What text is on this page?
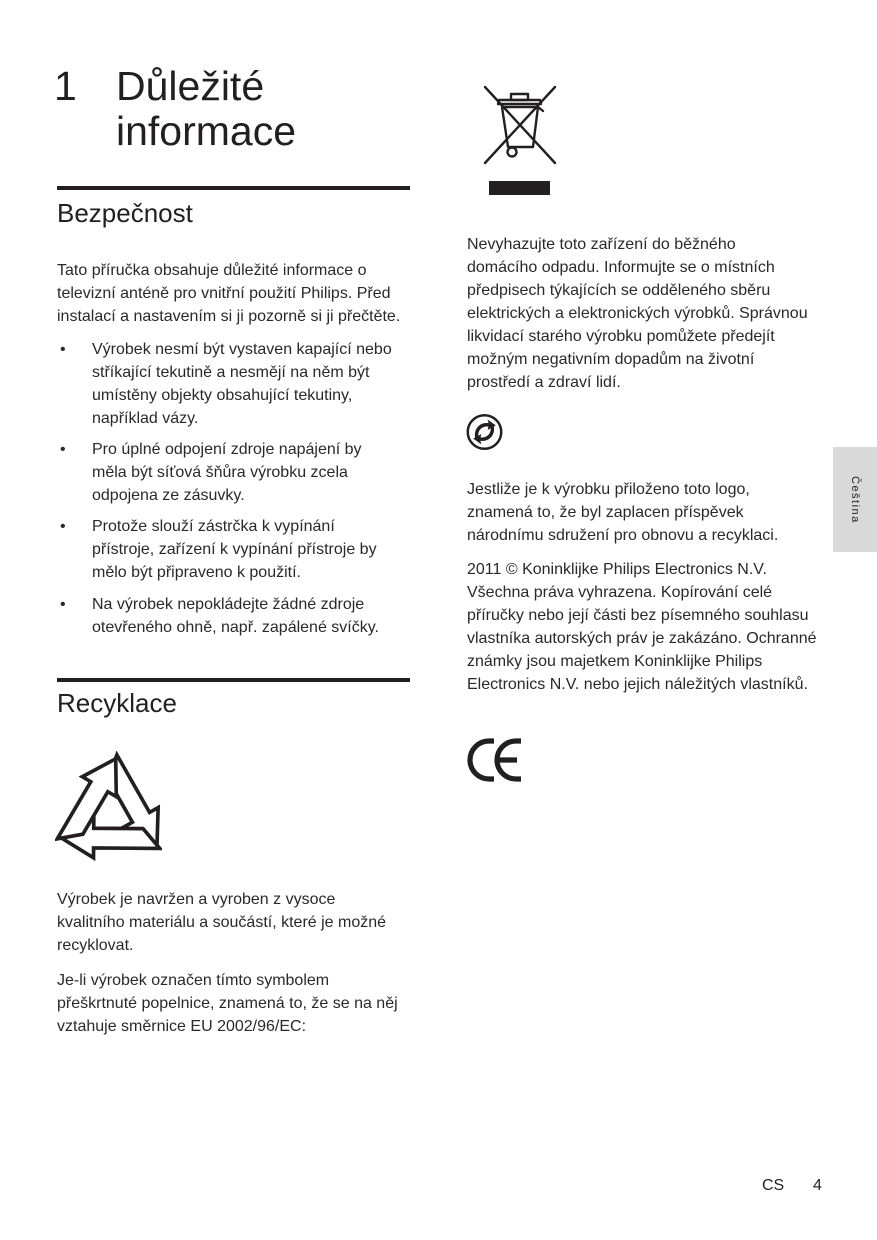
1 Důležité
informace
Bezpečnost
Tato příručka obsahuje důležité informace o
televizní anténě pro vnitřní použití Philips. Před
instalací a nastavením si ji pozorně si ji přečtěte.
• Výrobek nesmí být vystaven kapající nebo
stříkající tekutině a nesmějí na něm být
umístěny objekty obsahující tekutiny,
například vázy.
• Pro úplné odpojení zdroje napájení by
měla být síťová šňůra výrobku zcela
odpojena ze zásuvky.
• Protože slouží zástrčka k vypínání
přístroje, zařízení k vypínání přístroje by
mělo být připraveno k použití.
• Na výrobek nepokládejte žádné zdroje
otevřeného ohně, např. zapálené svíčky.
Recyklace
Výrobek je navržen a vyroben z vysoce
kvalitního materiálu a součástí, které je možné
recyklovat.
Je-li výrobek označen tímto symbolem
přeškrtnuté popelnice, znamená to, že se na něj
vztahuje směrnice EU 2002/96/EC:
Nevyhazujte toto zařízení do běžného
domácího odpadu. Informujte se o místních
předpisech týkajících se odděleného sběru
elektrických a elektronických výrobků. Správnou
likvidací starého výrobku pomůžete předejít
možným negativním dopadům na životní
prostředí a zdraví lidí.
Jestliže je k výrobku přiloženo toto logo,
znamená to, že byl zaplacen příspěvek
národnímu sdružení pro obnovu a recyklaci.
2011 © Koninklijke Philips Electronics N.V.
Všechna práva vyhrazena. Kopírování celé
příručky nebo její části bez písemného souhlasu
vlastníka autorských práv je zakázáno. Ochranné
známky jsou majetkem Koninklijke Philips
Electronics N.V. nebo jejich náležitých vlastníků.
Čeština
CS 4
